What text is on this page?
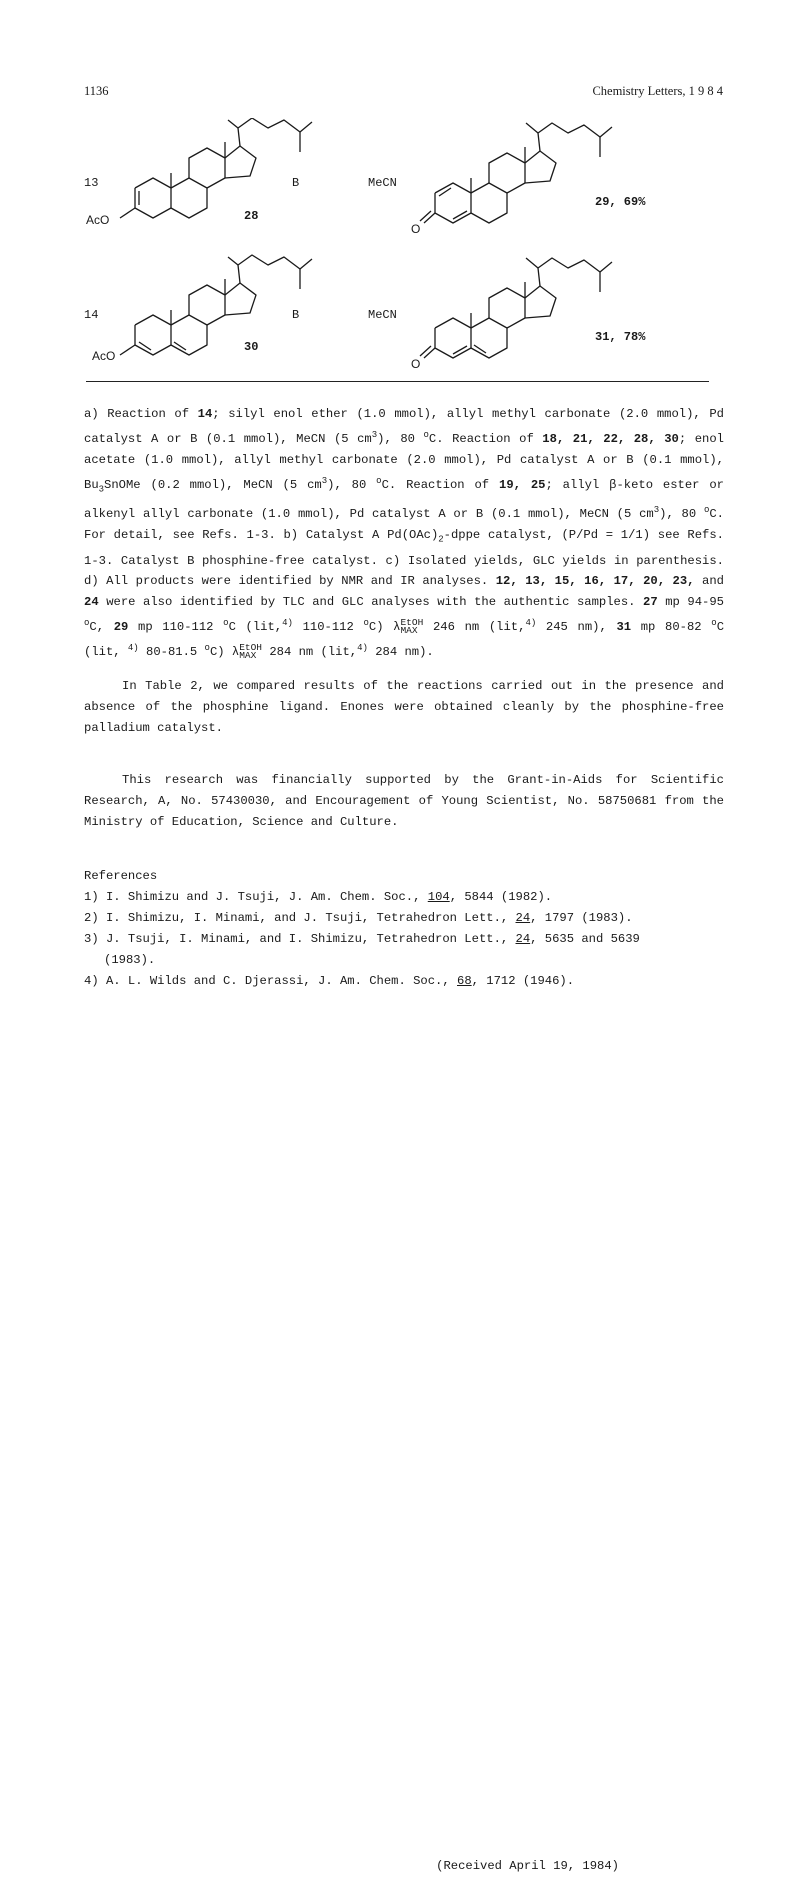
1136	Chemistry Letters, 1 9 8 4
13	B	MeCN
AcO	28
O
29, 69%
14	B	MeCN
AcO
30
O
31, 78%

a) Reaction of 14; silyl enol ether (1.0 mmol), allyl methyl carbonate (2.0 mmol), Pd catalyst A or B (0.1 mmol), MeCN (5 $cm^3$), 80 $^o$C. Reaction of 18, 21, 22, 28, 30; enol acetate (1.0 mmol), allyl methyl carbonate (2.0 mmol), Pd catalyst A or B (0.1 mmol), $Bu_3SnOMe$ (0.2 mmol), MeCN (5 $cm^3$), 80 $^o$C. Reaction of 19, 25; allyl β-keto ester or alkenyl allyl carbonate (1.0 mmol), Pd catalyst A or B (0.1 mmol), MeCN (5 $cm^3$), 80 $^o$C. For detail, see Refs. 1-3. b) Catalyst A $Pd(OAc)_2$-dppe catalyst, (P/Pd = 1/1) see Refs. 1-3. Catalyst B phosphine-free catalyst. c) Isolated yields, GLC yields in parenthesis. d) All products were identified by NMR and IR analyses. 12, 13, 15, 16, 17, 20, 23, and 24 were also identified by TLC and GLC analyses with the authentic samples. 27 mp 94-95 $^o$C, 29 mp 110-112 $^o$C (lit,$^{4)}$ 110-112 $^o$C) λ EtOH
MAX 246 nm (lit,$^{4)}$ 245 nm), 31 mp 80-82 $^o$C (lit, $^{4)}$ 80-81.5 $^o$C) λ EtOH
MAX 284 nm (lit,$^{4)}$ 284 nm).

In Table 2, we compared results of the reactions carried out in the presence and absence of the phosphine ligand. Enones were obtained cleanly by the phosphine-free palladium catalyst.

This research was financially supported by the Grant-in-Aids for Scientific Research, A, No. 57430030, and Encouragement of Young Scientist, No. 58750681 from the Ministry of Education, Science and Culture.

References
1) I. Shimizu and J. Tsuji, J. Am. Chem. Soc., 104, 5844 (1982).
2) I. Shimizu, I. Minami, and J. Tsuji, Tetrahedron Lett., 24, 1797 (1983).
3) J. Tsuji, I. Minami, and I. Shimizu, Tetrahedron Lett., 24, 5635 and 5639
(1983).
4) A. L. Wilds and C. Djerassi, J. Am. Chem. Soc., 68, 1712 (1946).
(Received April 19, 1984)
